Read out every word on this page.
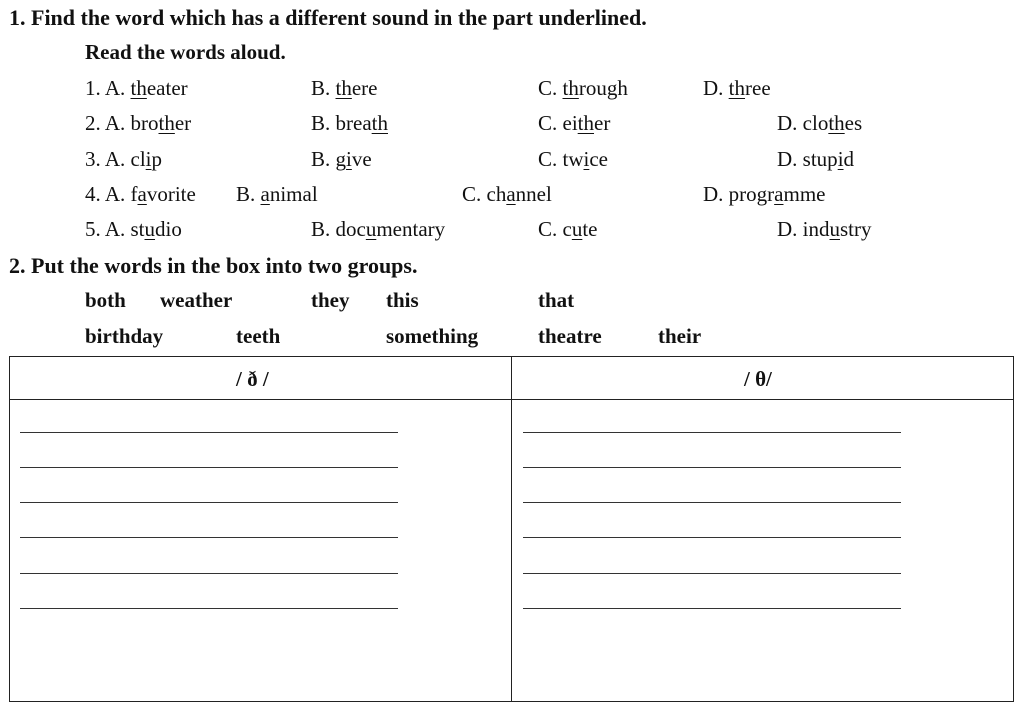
1. Find the word which has a different sound in the part underlined.
Read the words aloud.
1. A. theater	B. there	C. through	D. three
2. A. brother	B. breath	C. either	D. clothes
3. A. clip	B. give	C. twice	D. stupid
4. A. favorite B. animal	C. channel	D. programme
5. A. studio	B. documentary	C. cute	D. industry
2. Put the words in the box into two groups.
both weather	they this	that
birthday	teeth	something	theatre	their
/ ð /	/ θ/
